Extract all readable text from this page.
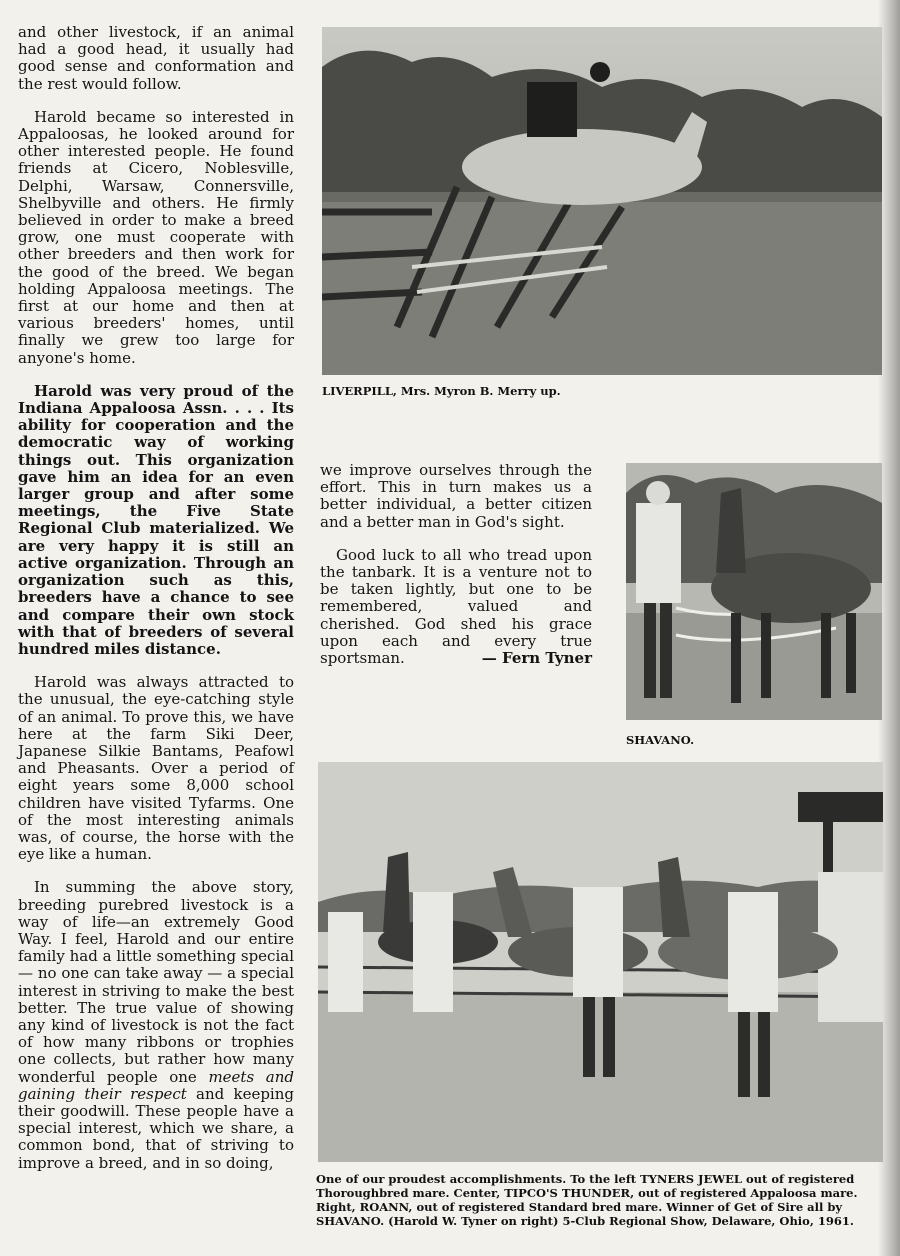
and other livestock, if an animal had a good head, it usually had good sense and conformation and the rest would follow.

Harold became so interested in Appaloosas, he looked around for other interested people. He found friends at Cicero, Noblesville, Delphi, Warsaw, Connersville, Shelbyville and others. He firmly believed in order to make a breed grow, one must cooperate with other breeders and then work for the good of the breed. We began holding Appaloosa meetings. The first at our home and then at various breeders' homes, until finally we grew too large for anyone's home.

Harold was very proud of the Indiana Appaloosa Assn. . . . Its ability for cooperation and the democratic way of working things out. This organization gave him an idea for an even larger group and after some meetings, the Five State Regional Club materialized. We are very happy it is still an active organization. Through an organization such as this, breeders have a chance to see and compare their own stock with that of breeders of several hundred miles distance.

Harold was always attracted to the unusual, the eye-catching style of an animal. To prove this, we have here at the farm Siki Deer, Japanese Silkie Bantams, Peafowl and Pheasants. Over a period of eight years some 8,000 school children have visited Tyfarms. One of the most interesting animals was, of course, the horse with the eye like a human.

In summing the above story, breeding purebred livestock is a way of life—an extremely Good Way. I feel, Harold and our entire family had a little something special — no one can take away — a special interest in striving to make the best better. The true value of showing any kind of livestock is not the fact of how many ribbons or trophies one collects, but rather how many wonderful people one meets and gaining their respect and keeping their goodwill. These people have a special interest, which we share, a common bond, that of striving to improve a breed, and in so doing,

LIVERPILL, Mrs. Myron B. Merry up.

we improve ourselves through the effort. This in turn makes us a better individual, a better citizen and a better man in God's sight.

Good luck to all who tread upon the tanbark. It is a venture not to be taken lightly, but one to be remembered, valued and cherished. God shed his grace upon each and every true sportsman.	— Fern Tyner

SHAVANO.
One of our proudest accomplishments. To the left TYNERS JEWEL out of registered Thoroughbred mare. Center, TIPCO'S THUNDER, out of registered Appaloosa mare. Right, ROANN, out of registered Standard bred mare. Winner of Get of Sire all by SHAVANO. (Harold W. Tyner on right) 5-Club Regional Show, Delaware, Ohio, 1961.
